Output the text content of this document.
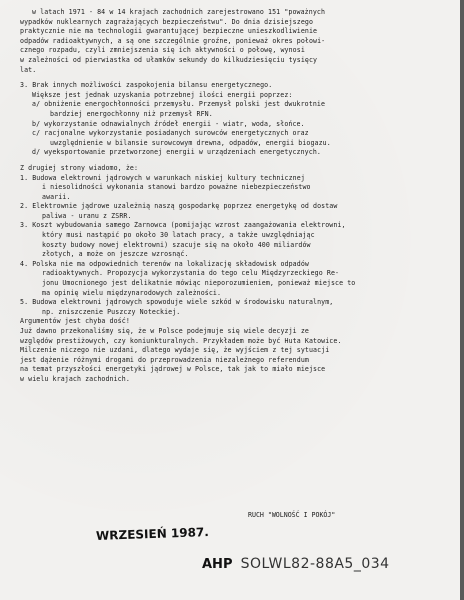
w latach 1971 - 84 w 14 krajach zachodnich zarejestrowano 151 "poważnych
wypadków nuklearnych zagrażających bezpieczeństwu". Do dnia dzisiejszego
praktycznie nie ma technologii gwarantującej bezpieczne unieszkodliwienie
odpadów radioaktywnych, a są one szczególnie groźne, ponieważ okres połowi-
cznego rozpadu, czyli zmniejszenia się ich aktywności o połowę, wynosi
w zależności od pierwiastka od ułamków sekundy do kilkudziesięciu tysięcy
lat.
3. Brak innych możliwości zaspokojenia bilansu energetycznego.
Większe jest jednak uzyskania potrzebnej ilości energii poprzez:
a/ obniżenie energochłonności przemysłu. Przemysł polski jest dwukrotnie
bardziej energochłonny niż przemysł RFN.
b/ wykorzystanie odnawialnych źródeł energii - wiatr, woda, słońce.
c/ racjonalne wykorzystanie posiadanych surowców energetycznych oraz
uwzględnienie w bilansie surowcowym drewna, odpadów, energii biogazu.
d/ wyeksportowanie przetworzonej energii w urządzeniach energetycznych.
Z drugiej strony wiadomo, że:
1. Budowa elektrowni jądrowych w warunkach niskiej kultury technicznej
i niesolidności wykonania stanowi bardzo poważne niebezpieczeństwo
awarii.
2. Elektrownie jądrowe uzależnią naszą gospodarkę poprzez energetykę od dostaw
paliwa - uranu z ZSRR.
3. Koszt wybudowania samego Żarnowca (pomijając wzrost zaangażowania elektrowni,
który musi nastąpić po około 30 latach pracy, a także uwzględniając
koszty budowy nowej elektrowni) szacuje się na około 400 miliardów
złotych, a może on jeszcze wzrosnąć.
4. Polska nie ma odpowiednich terenów na lokalizację składowisk odpadów
radioaktywnych. Propozycja wykorzystania do tego celu Międzyrzeckiego Re-
jonu Umocnionego jest delikatnie mówiąc nieporozumieniem, ponieważ miejsce to
ma opinię wielu międzynarodowych zależności.
5. Budowa elektrowni jądrowych spowoduje wiele szkód w środowisku naturalnym,
np. zniszczenie Puszczy Noteckiej.
Argumentów jest chyba dość!
Już dawno przekonaliśmy się, że w Polsce podejmuje się wiele decyzji ze
względów prestiżowych, czy koniunkturalnych. Przykładem może być Huta Katowice.
Milczenie niczego nie uzdani, dlatego wydaje się, że wyjściem z tej sytuacji
jest dążenie różnymi drogami do przeprowadzenia niezależnego referendum
na temat przyszłości energetyki jądrowej w Polsce, tak jak to miało miejsce
w wielu krajach zachodnich.
RUCH "WOLNOŚĆ I POKÓJ"
WRZESIEŃ 1987.
AHP SOLWL82-88A5_034
